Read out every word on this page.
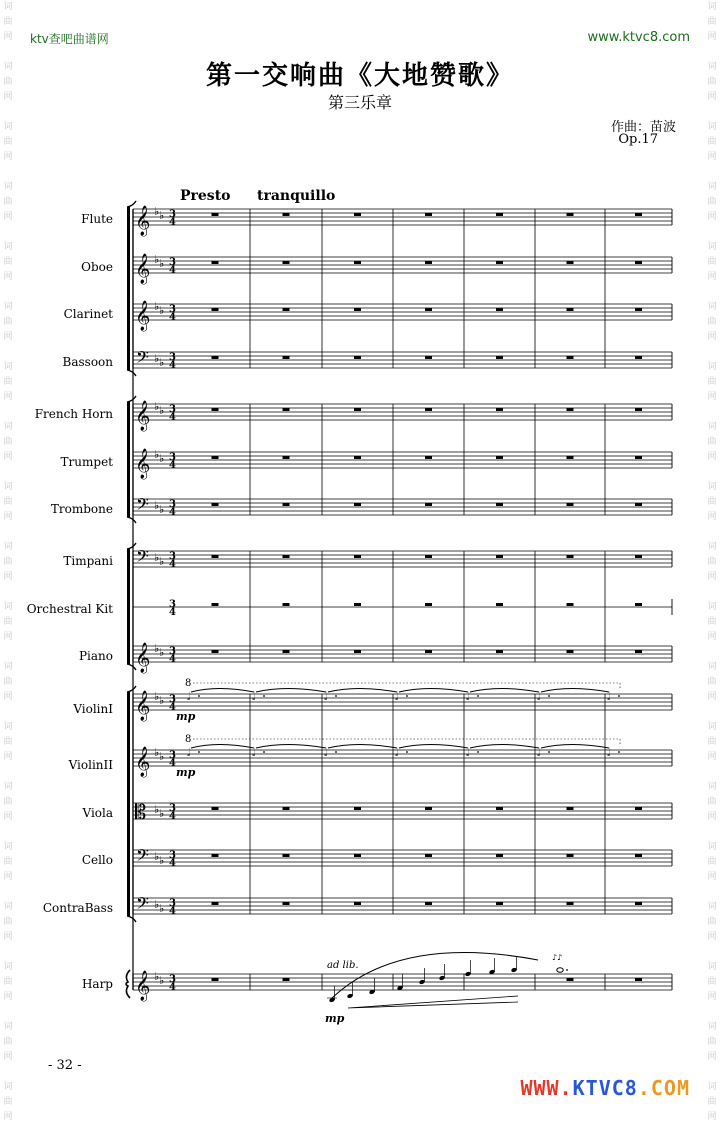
词
曲
网
词
曲
网
词
曲
网
词
曲
网
词
曲
网
词
曲
网
词
曲
网
词
曲
网
词
曲
网
词
曲
网
词
曲
网
词
曲
网
词
曲
网
词
曲
网
词
曲
网
词
曲
网
词
曲
网
词
曲
网
词
曲
网
词
曲
网
词
曲
网
词
曲
网
词
曲
网
词
曲
网
词
曲
网
词
曲
网
词
曲
网
词
曲
网
词
曲
网
词
曲
网
词
曲
网
词
曲
网
词
曲
网
词
曲
网
词
曲
网
词
曲
网
词
曲
网
词
曲
网
ktv查吧曲谱网	www.ktvc8.com
第一交响曲《大地赞歌》
第三乐章
作曲：苗波
Op.17
Presto tranquillo
Flute
Oboe
Clarinet
Bassoon
French Horn
Trumpet
Trombone
Timpani
Orchestral Kit
Piano
ViolinI
ViolinII
Viola
Cello
ContraBass
Harp
𝄞 ♭ ♭ 3
4
𝄞 ♭ ♭ 3
4
𝄞 ♭ ♭ 3
4
𝄢 ♭ ♭ 3
4
𝄞 ♭ ♭ 3
4
𝄞 ♭ ♭ 3
4
𝄢 ♭ ♭ 3
4
𝄢 ♭ ♭ 3
4
3
4
𝄞 ♭ ♭ 3
4
𝄞 ♭ ♭ 3
4
𝄞 ♭ ♭ 3
4
𝄡 ♭ ♭ 3
4
𝄢 ♭ ♭ 3
4
𝄢 ♭ ♭ 3
4
𝄞 ♭ ♭ 3
4
8
𝅗𝅥	𝅗𝅥	𝅗𝅥	𝅗𝅥	𝅗𝅥	𝅗𝅥	𝅗𝅥
mp
8
𝅗𝅥	𝅗𝅥	𝅗𝅥	𝅗𝅥	𝅗𝅥	𝅗𝅥	𝅗𝅥
mp
ad lib.
mp
♪♪
- 32 -
WWW.KTVC8.COM
